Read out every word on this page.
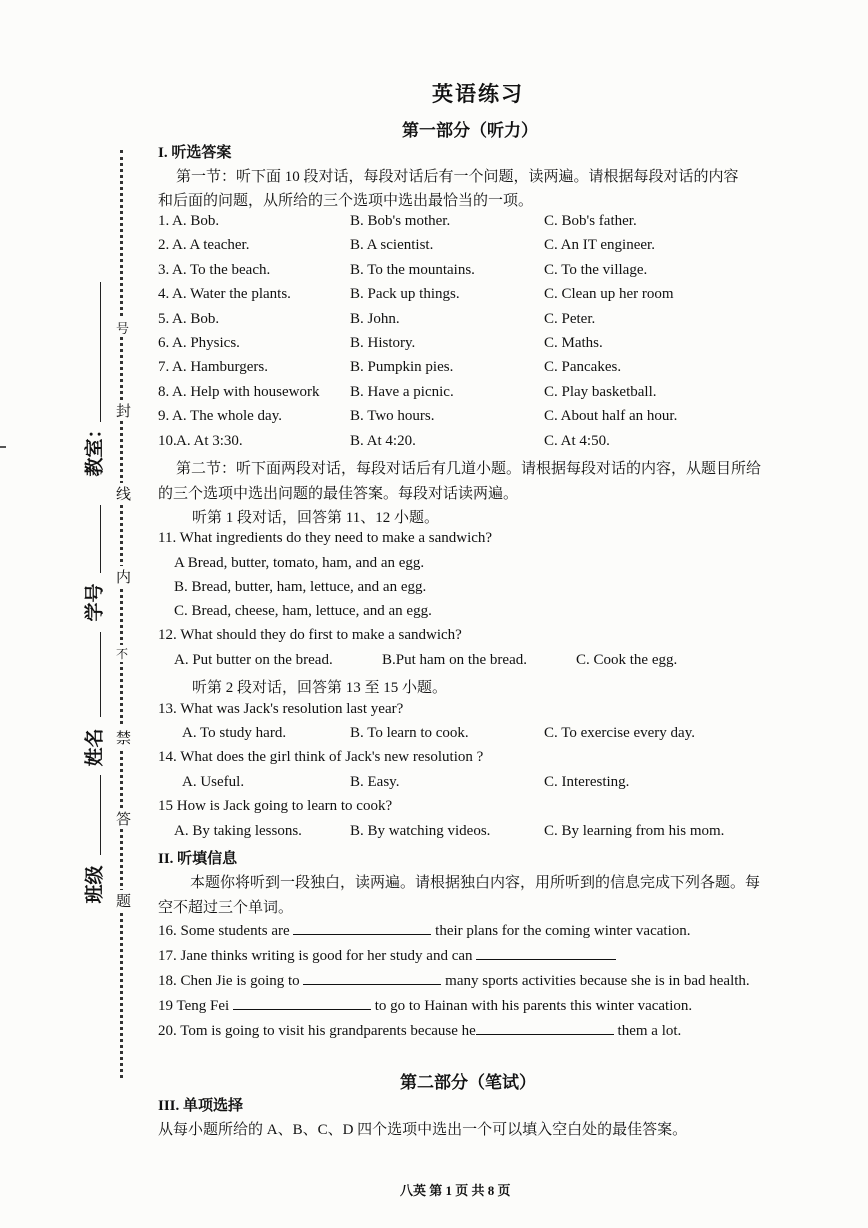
教室：
学号
姓名
班级
号
封
线
内
不
禁
答
题
英语练习
第一部分（听力）
I. 听选答案
第一节：听下面 10 段对话，每段对话后有一个问题，读两遍。请根据每段对话的内容
和后面的问题，从所给的三个选项中选出最恰当的一项。
1. A. Bob.	B. Bob's mother.	C. Bob's father.
2. A. A teacher.	B. A scientist.	C. An IT engineer.
3. A. To the beach.	B. To the mountains.	C. To the village.
4. A. Water the plants.	B. Pack up things.	C. Clean up her room
5. A. Bob.	B. John.	C. Peter.
6. A. Physics.	B. History.	C. Maths.
7. A. Hamburgers.	B. Pumpkin pies.	C. Pancakes.
8. A. Help with housework B. Have a picnic.	C. Play basketball.
9. A. The whole day.	B. Two hours.	C. About half an hour.
10. A. At 3:30.	B. At 4:20.	C. At 4:50.
第二节：听下面两段对话，每段对话后有几道小题。请根据每段对话的内容，从题目所给
的三个选项中选出问题的最佳答案。每段对话读两遍。
听第 1 段对话，回答第 11、12 小题。
11. What ingredients do they need to make a sandwich?
A Bread, butter, tomato, ham, and an egg.
B. Bread, butter, ham, lettuce, and an egg.
C. Bread, cheese, ham, lettuce, and an egg.
12. What should they do first to make a sandwich?
A. Put butter on the bread.	B.Put ham on the bread.	C. Cook the egg.
听第 2 段对话，回答第 13 至 15 小题。
13. What was Jack's resolution last year?
A. To study hard.	B. To learn to cook.	C. To exercise every day.
14. What does the girl think of Jack's new resolution ?
A. Useful.	B. Easy.	C. Interesting.
15 How is Jack going to learn to cook?
A. By taking lessons.	B. By watching videos.	C. By learning from his mom.
II. 听填信息
本题你将听到一段独白，读两遍。请根据独白内容，用所听到的信息完成下列各题。每
空不超过三个单词。
16. Some students are	their plans for the coming winter vacation.
17. Jane thinks writing is good for her study and can
18. Chen Jie is going to	many sports activities because she is in bad health.
19 Teng Fei	to go to Hainan with his parents this winter vacation.
20. Tom is going to visit his grandparents because he	them a lot.
第二部分（笔试）
III. 单项选择
从每小题所给的 A、B、C、D 四个选项中选出一个可以填入空白处的最佳答案。
八英 第 1 页 共 8 页
